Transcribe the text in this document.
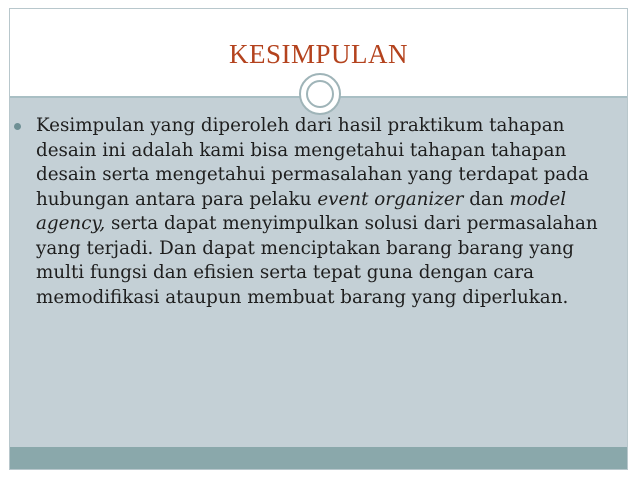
KESIMPULAN
Kesimpulan yang diperoleh dari hasil praktikum tahapan desain ini adalah kami bisa mengetahui tahapan tahapan desain serta mengetahui permasalahan yang terdapat pada hubungan antara para pelaku event organizer dan model agency, serta dapat menyimpulkan solusi dari permasalahan yang terjadi. Dan dapat menciptakan barang barang yang multi fungsi dan efisien serta tepat guna dengan cara memodifikasi ataupun membuat barang yang diperlukan.
